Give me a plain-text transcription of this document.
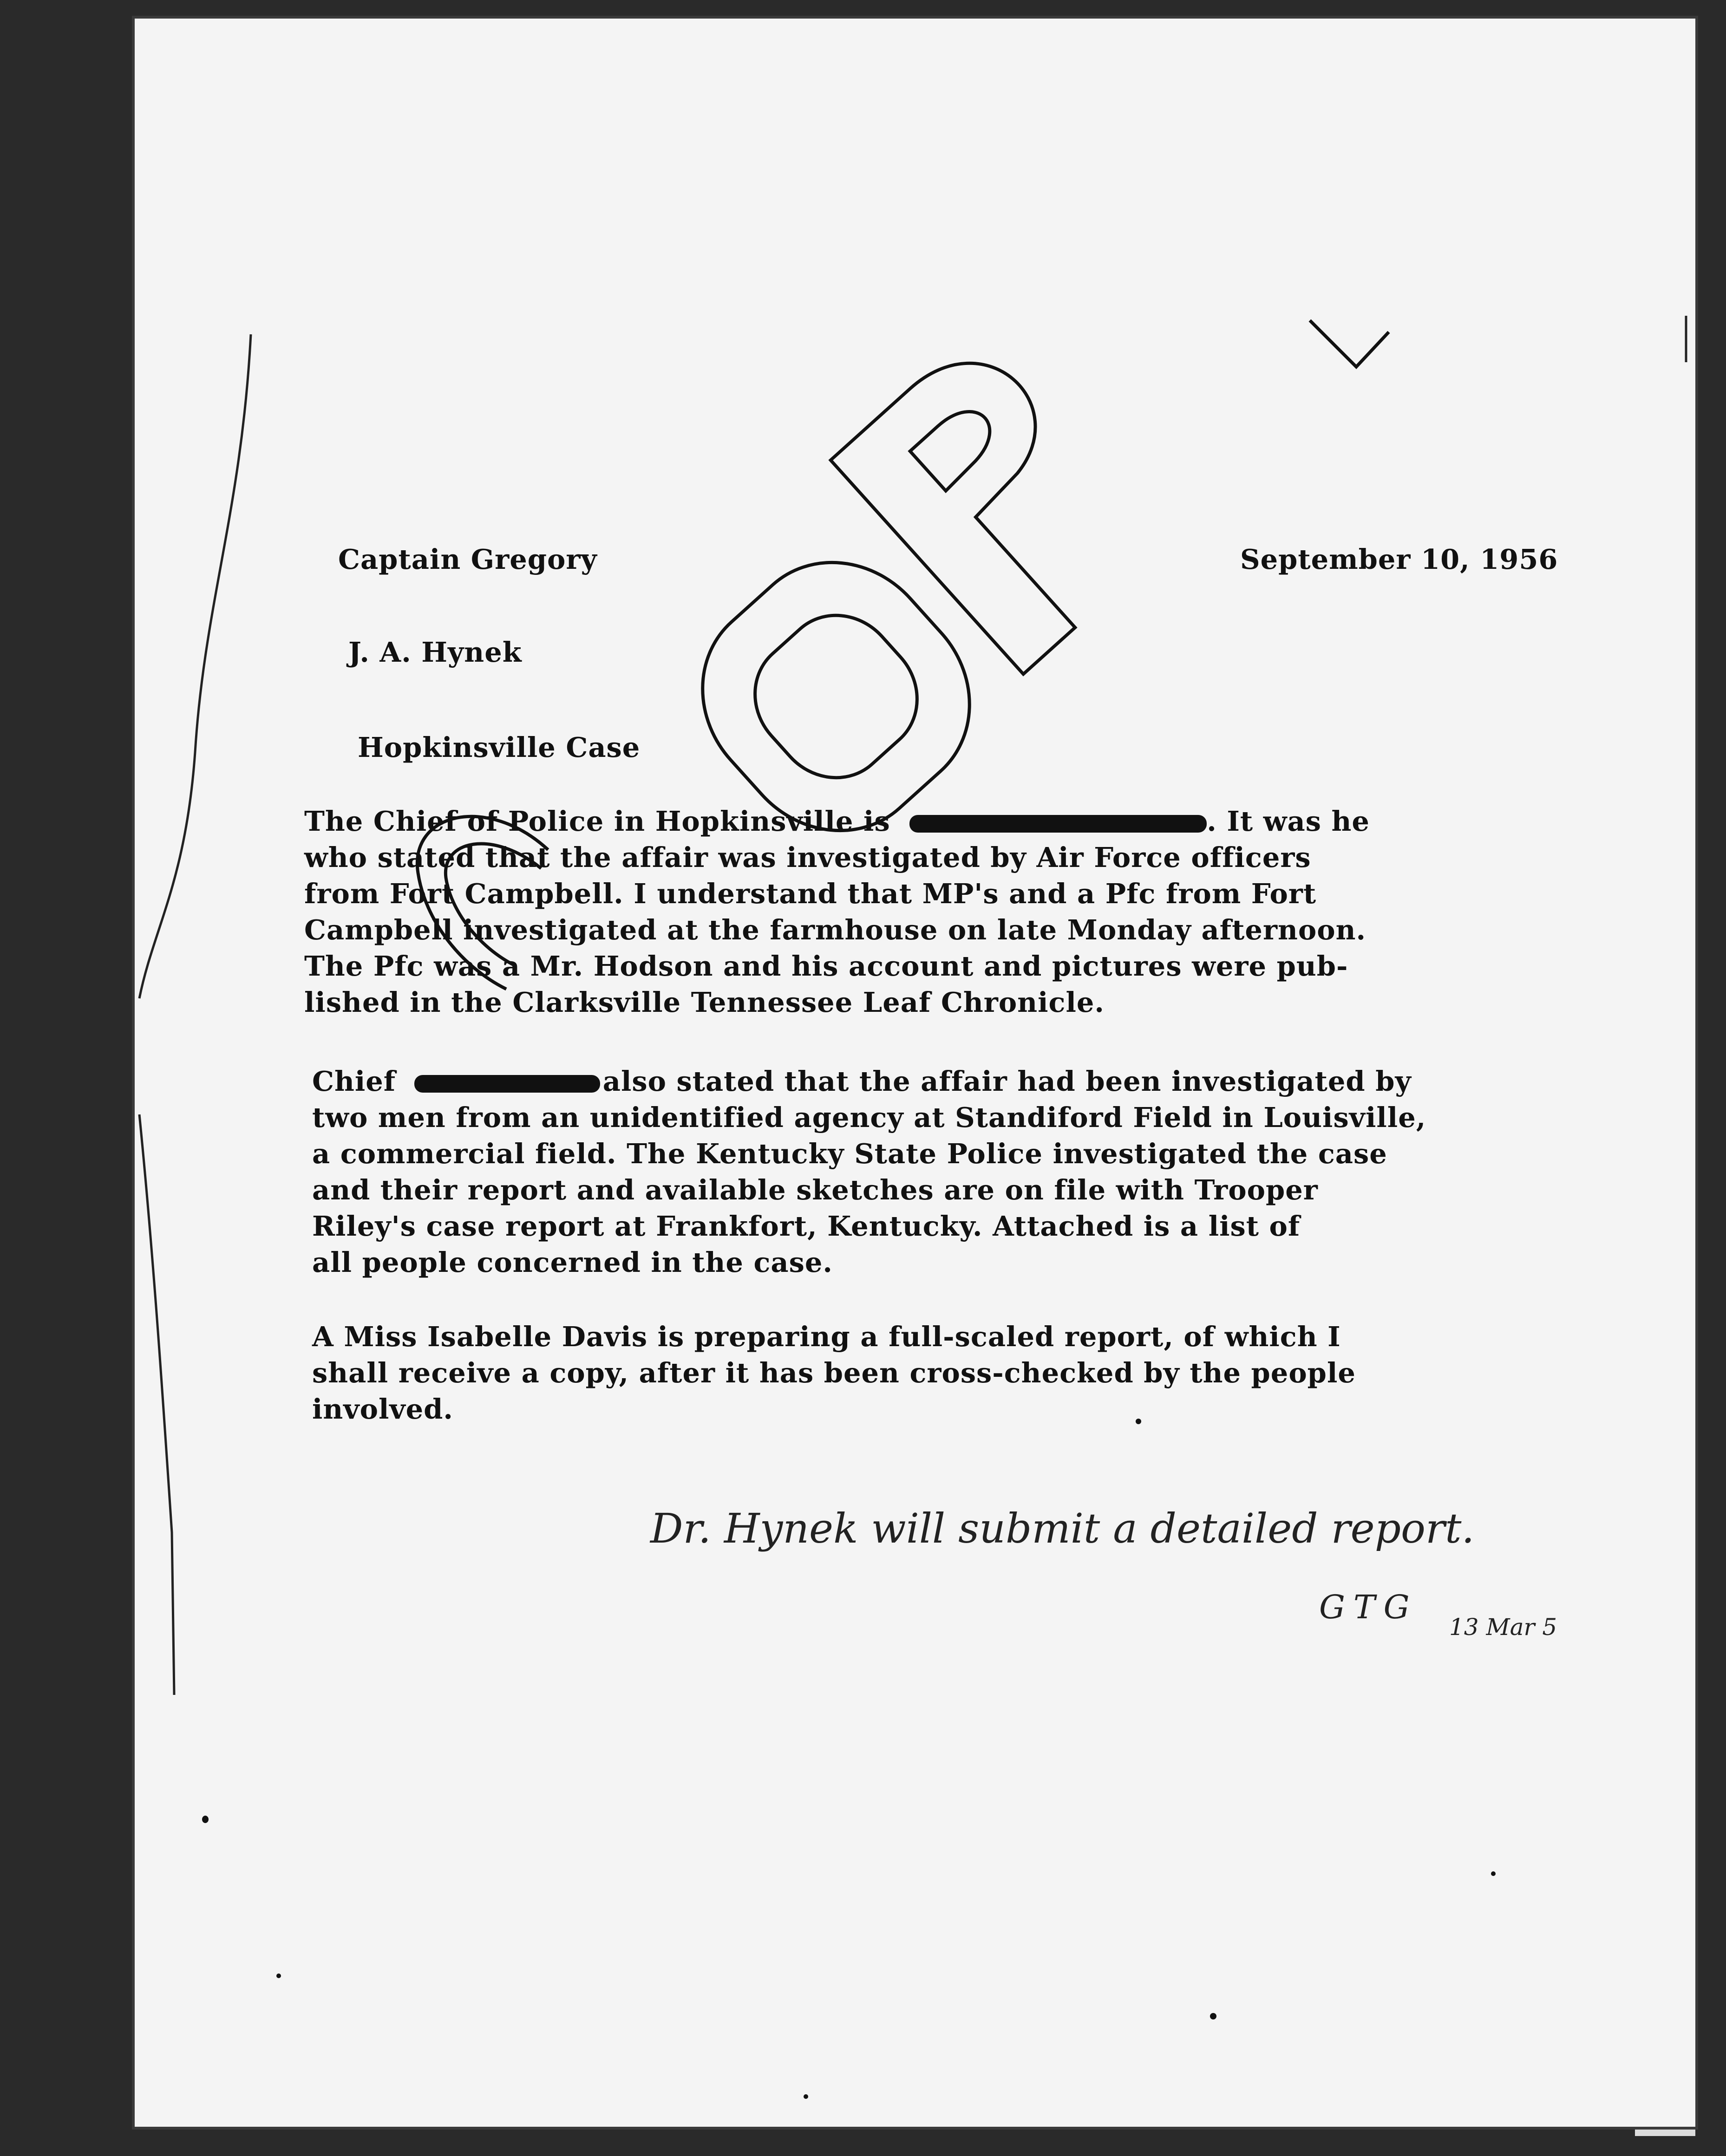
Captain Gregory	September 10, 1956
J. A. Hynek
Hopkinsville Case
The Chief of Police in Hopkinsville is	. It was he
who stated that the affair was investigated by Air Force officers
from Fort Campbell. I understand that MP's and a Pfc from Fort
Campbell investigated at the farmhouse on late Monday afternoon.
The Pfc was a Mr. Hodson and his account and pictures were pub-
lished in the Clarksville Tennessee Leaf Chronicle.
Chief	also stated that the affair had been investigated by
two men from an unidentified agency at Standiford Field in Louisville,
a commercial field. The Kentucky State Police investigated the case
and their report and available sketches are on file with Trooper
Riley's case report at Frankfort, Kentucky. Attached is a list of
all people concerned in the case.
A Miss Isabelle Davis is preparing a full-scaled report, of which I
shall receive a copy, after it has been cross-checked by the people
involved.
Dr. Hynek will submit a detailed report.
GTG
13 Mar 5
